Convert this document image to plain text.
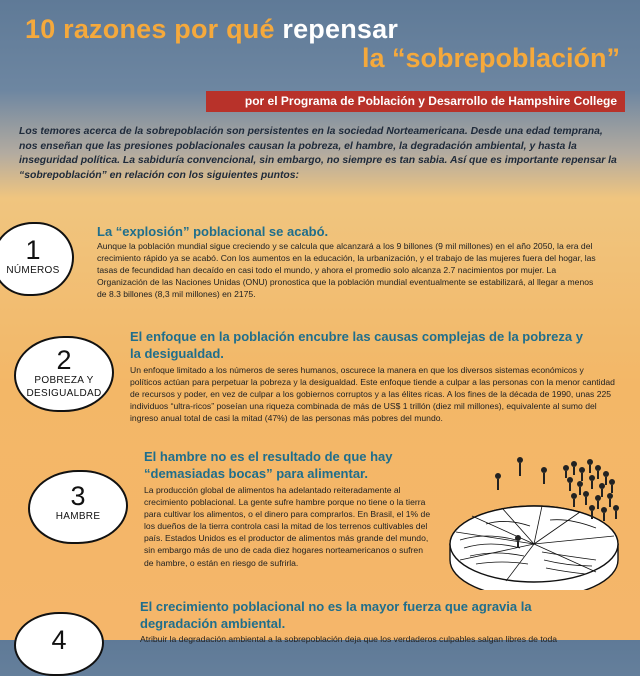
10 razones por qué repensar
la “sobrepoblación”
por el Programa de Población y Desarrollo de Hampshire College
Los temores acerca de la sobrepoblación son persistentes en la sociedad Norteamericana. Desde una edad temprana, nos enseñan que las presiones poblacionales causan la pobreza, el hambre, la degradación ambiental, y hasta la inseguridad política. La sabiduría convencional, sin embargo, no siempre es tan sabia. Así que es importante repensar la “sobrepoblación” en relación con los siguientes puntos:
1
NÚMEROS
La “explosión” poblacional se acabó.
Aunque la población mundial sigue creciendo y se calcula que alcanzará a los 9 billones (9 mil millones) en el año 2050, la era del crecimiento rápido ya se acabó. Con los aumentos en la educación, la urbanización, y el trabajo de las mujeres fuera del hogar, las tasas de fecundidad han decaído en casi todo el mundo, y ahora el promedio solo alcanza 2.7 nacimientos por mujer. La Organización de las Naciones Unidas (ONU) pronostica que la población mundial eventualmente se estabilizará, al llegar a menos de 8.3 billones (8,3 mil millones) en 2175.
2
POBREZA Y
DESIGUALDAD
El enfoque en la población encubre las causas complejas de la pobreza y la desigualdad.
Un enfoque limitado a los números de seres humanos, oscurece la manera en que los diversos sistemas económicos y políticos actúan para perpetuar la pobreza y la desigualdad. Este enfoque tiende a culpar a las personas con la menor cantidad de recursos y poder, en vez de culpar a los gobiernos corruptos y a las élites ricas. A los fines de la década de 1990, unas 225 individuos “ultra-ricos” poseían una riqueza combinada de más de US$ 1 trillón (diez mil millones), equivalente al sumo del ingreso anual total de casi la mitad (47%) de las personas más pobres del mundo.
3
HAMBRE
El hambre no es el resultado de que hay “demasiadas bocas” para alimentar.
La producción global de alimentos ha adelantado reiteradamente al crecimiento poblacional. La gente sufre hambre porque no tiene o la tierra para cultivar los alimentos, o el dinero para comprarlos. En Brasil, el 1% de los dueños de la tierra controla casi la mitad de los terrenos cultivables del país. Estados Unidos es el productor de alimentos más grande del mundo, sin embargo más de uno de cada diez hogares norteamericanos o sufren de hambre, o están en riesgo de sufrirla.
4
El crecimiento poblacional no es la mayor fuerza que agravia la degradación ambiental.
Atribuir la degradación ambiental a la sobrepoblación deja que los verdaderos culpables salgan libres de toda
